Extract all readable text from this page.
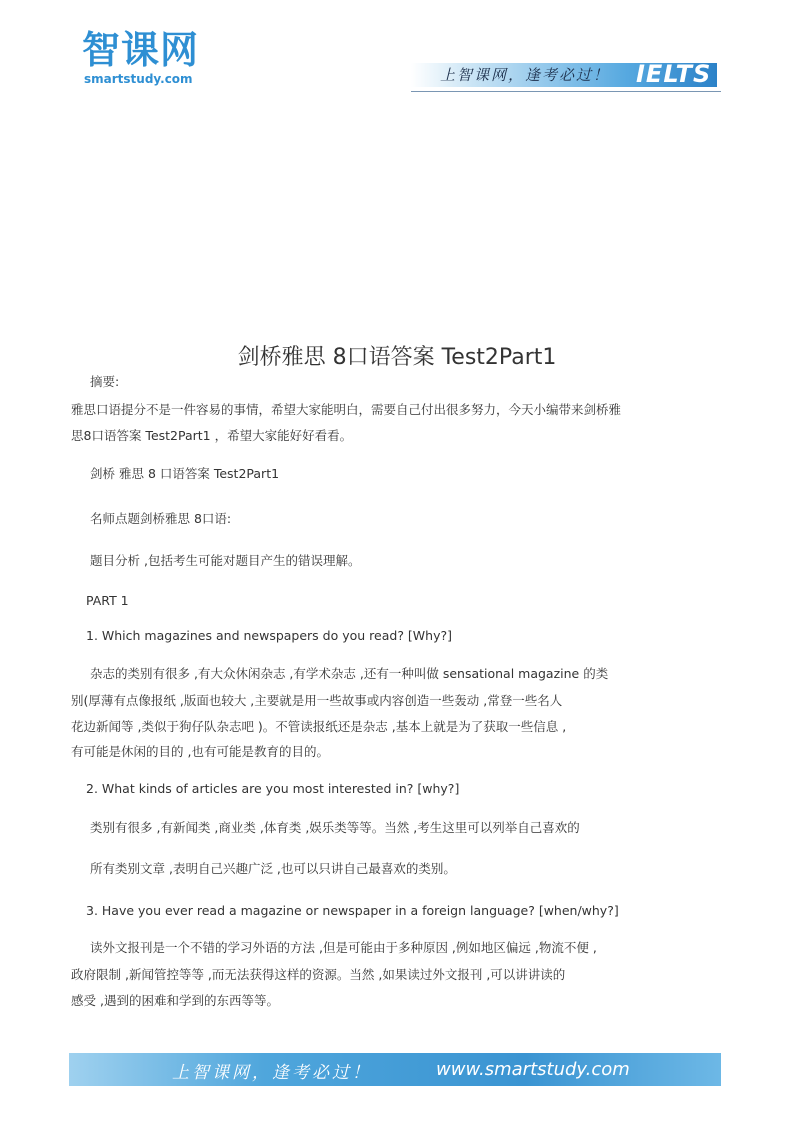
智课网
smartstudy.com	上智课网，逢考必过！ IELTS
剑桥雅思 8口语答案 Test2Part1
摘要:
雅思口语提分不是一件容易的事情，希望大家能明白，需要自己付出很多努力，今天小编带来剑桥雅
思8口语答案 Test2Part1 ，希望大家能好好看看。
剑桥 雅思 8 口语答案 Test2Part1
名师点题剑桥雅思 8口语:
题目分析 ,包括考生可能对题目产生的错误理解。
PART 1
1. Which magazines and newspapers do you read? [Why?]
杂志的类别有很多 ,有大众休闲杂志 ,有学术杂志 ,还有一种叫做 sensational magazine 的类
别(厚薄有点像报纸 ,版面也较大 ,主要就是用一些故事或内容创造一些轰动 ,常登一些名人
花边新闻等 ,类似于狗仔队杂志吧 )。不管读报纸还是杂志 ,基本上就是为了获取一些信息 ,
有可能是休闲的目的 ,也有可能是教育的目的。
2. What kinds of articles are you most interested in? [why?]
类别有很多 ,有新闻类 ,商业类 ,体育类 ,娱乐类等等。当然 ,考生这里可以列举自己喜欢的
所有类别文章 ,表明自己兴趣广泛 ,也可以只讲自己最喜欢的类别。
3. Have you ever read a magazine or newspaper in a foreign language? [when/why?]
读外文报刊是一个不错的学习外语的方法 ,但是可能由于多种原因 ,例如地区偏远 ,物流不便 ,
政府限制 ,新闻管控等等 ,而无法获得这样的资源。当然 ,如果读过外文报刊 ,可以讲讲读的
感受 ,遇到的困难和学到的东西等等。
上智课网，逢考必过！	www.smartstudy.com
